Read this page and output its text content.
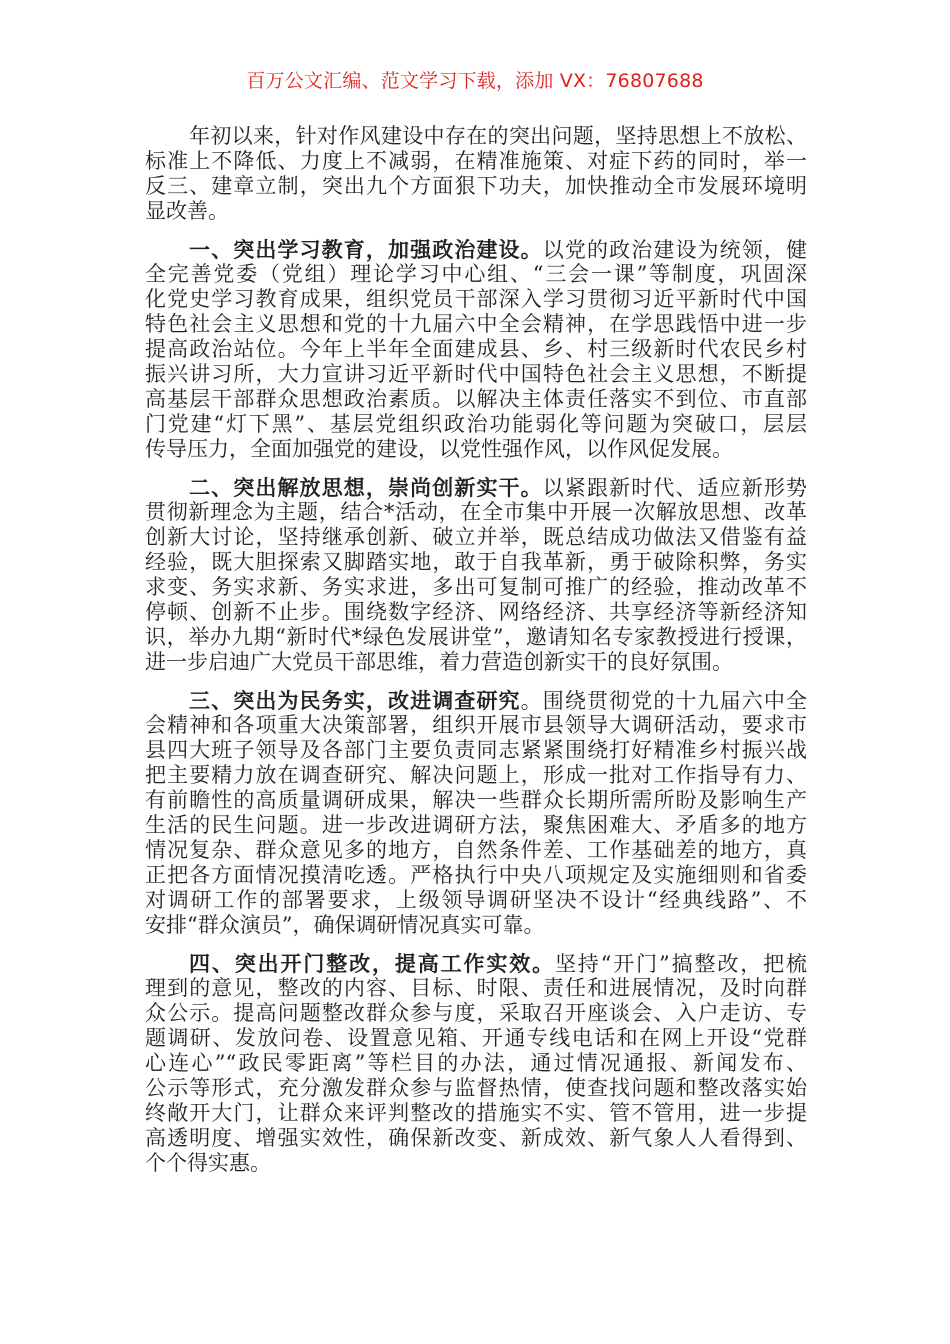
百万公文汇编、范文学习下载，添加 VX：76807688
年初以来，针对作风建设中存在的突出问题，坚持思想上不放松、
标准上不降低、力度上不减弱，在精准施策、对症下药的同时，举一
反三、建章立制，突出九个方面狠下功夫，加快推动全市发展环境明
显改善。
一、突出学习教育，加强政治建设。以党的政治建设为统领，健
全完善党委（党组）理论学习中心组、“三会一课”等制度，巩固深
化党史学习教育成果，组织党员干部深入学习贯彻习近平新时代中国
特色社会主义思想和党的十九届六中全会精神，在学思践悟中进一步
提高政治站位。今年上半年全面建成县、乡、村三级新时代农民乡村
振兴讲习所，大力宣讲习近平新时代中国特色社会主义思想，不断提
高基层干部群众思想政治素质。以解决主体责任落实不到位、市直部
门党建“灯下黑”、基层党组织政治功能弱化等问题为突破口，层层
传导压力，全面加强党的建设，以党性强作风，以作风促发展。
二、突出解放思想，崇尚创新实干。以紧跟新时代、适应新形势
贯彻新理念为主题，结合*活动，在全市集中开展一次解放思想、改革
创新大讨论，坚持继承创新、破立并举，既总结成功做法又借鉴有益
经验，既大胆探索又脚踏实地，敢于自我革新，勇于破除积弊，务实
求变、务实求新、务实求进，多出可复制可推广的经验，推动改革不
停顿、创新不止步。围绕数字经济、网络经济、共享经济等新经济知
识，举办九期“新时代*绿色发展讲堂”，邀请知名专家教授进行授课，
进一步启迪广大党员干部思维，着力营造创新实干的良好氛围。
三、突出为民务实，改进调查研究。围绕贯彻党的十九届六中全
会精神和各项重大决策部署，组织开展市县领导大调研活动，要求市
县四大班子领导及各部门主要负责同志紧紧围绕打好精准乡村振兴战
把主要精力放在调查研究、解决问题上，形成一批对工作指导有力、
有前瞻性的高质量调研成果，解决一些群众长期所需所盼及影响生产
生活的民生问题。进一步改进调研方法，聚焦困难大、矛盾多的地方
情况复杂、群众意见多的地方，自然条件差、工作基础差的地方，真
正把各方面情况摸清吃透。严格执行中央八项规定及实施细则和省委
对调研工作的部署要求，上级领导调研坚决不设计“经典线路”、不
安排“群众演员”，确保调研情况真实可靠。
四、突出开门整改，提高工作实效。坚持“开门”搞整改，把梳
理到的意见，整改的内容、目标、时限、责任和进展情况，及时向群
众公示。提高问题整改群众参与度，采取召开座谈会、入户走访、专
题调研、发放问卷、设置意见箱、开通专线电话和在网上开设“党群
心连心”“政民零距离”等栏目的办法，通过情况通报、新闻发布、
公示等形式，充分激发群众参与监督热情，使查找问题和整改落实始
终敞开大门，让群众来评判整改的措施实不实、管不管用，进一步提
高透明度、增强实效性，确保新改变、新成效、新气象人人看得到、
个个得实惠。
